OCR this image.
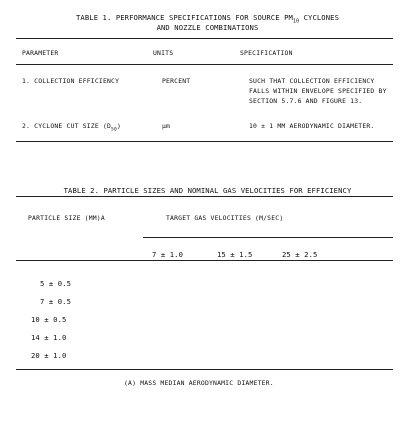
TABLE 1. PERFORMANCE SPECIFICATIONS FOR SOURCE $PM_{10}$ CYCLONES
AND NOZZLE COMBINATIONS
PARAMETER	UNITS	SPECIFICATION
1. COLLECTION EFFICIENCY	PERCENT	SUCH THAT COLLECTION EFFICIENCY
FALLS WITHIN ENVELOPE SPECIFIED BY
SECTION 5.7.6 AND FIGURE 13.
2. CYCLONE CUT SIZE $(D_{50})$	µm	10 ± 1 ΜM AERODYNAMIC DIAMETER.
TABLE 2. PARTICLE SIZES AND NOMINAL GAS VELOCITIES FOR EFFICIENCY
PARTICLE SIZE (ΜM)A	TARGET GAS VELOCITIES (M/SEC)
7 ± 1.0	15 ± 1.5	25 ± 2.5
5 ± 0.5
7 ± 0.5
10 ± 0.5
14 ± 1.0
20 ± 1.0
(A) MASS MEDIAN AERODYNAMIC DIAMETER.
